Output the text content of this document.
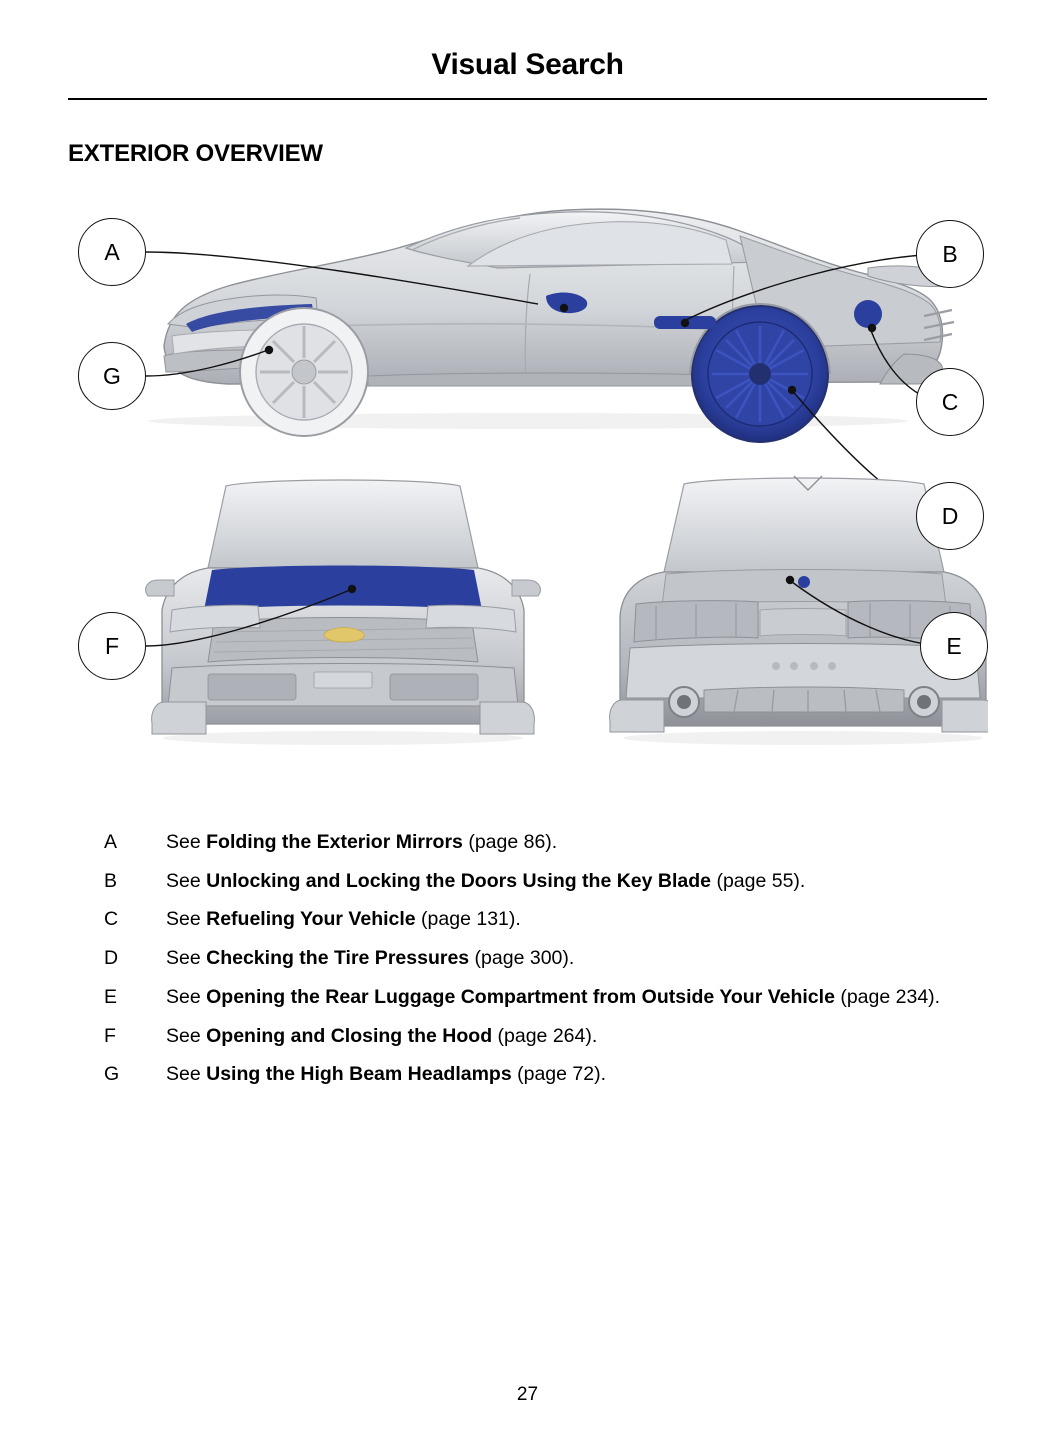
Visual Search
EXTERIOR OVERVIEW
A	B
C
D
E
F
G
A	See Folding the Exterior Mirrors (page 86).
B	See Unlocking and Locking the Doors Using the Key Blade (page 55).
C	See Refueling Your Vehicle (page 131).
D	See Checking the Tire Pressures (page 300).
E	See Opening the Rear Luggage Compartment from Outside Your Vehicle (page 234).
F	See Opening and Closing the Hood (page 264).
G	See Using the High Beam Headlamps (page 72).
27
